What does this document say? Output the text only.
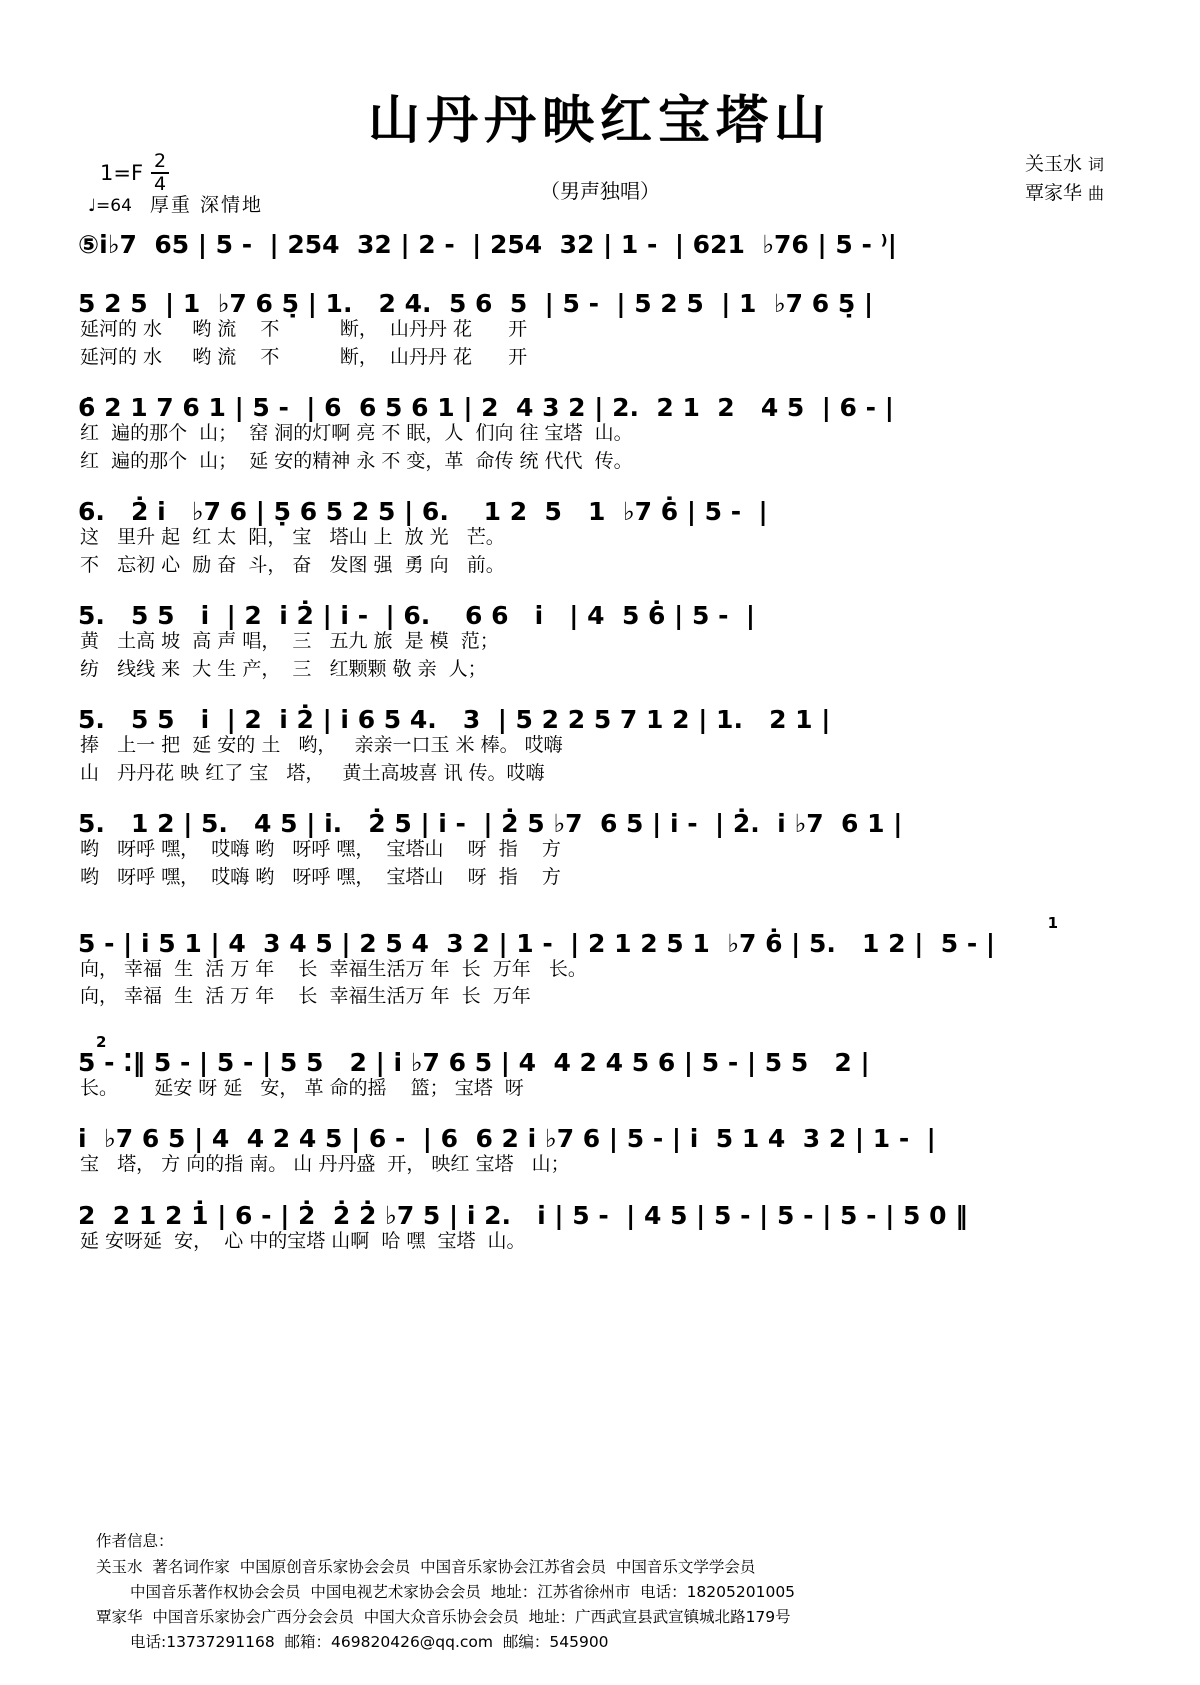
山丹丹映红宝塔山
（男声独唱）
$1=F \frac{2}{4}$
♩=64 厚重 深情地
关玉水 词
覃家华 曲
⑤i♭7  65 | 5 -  | 254  32 | 2 -  | 254  32 | 1 -  | 621  ♭76 | 5 - ⁾|
5 2 5  | 1  ♭7 6 5̣ | 1.   2 4.  5 6  5  | 5 -  | 5 2 5  | 1  ♭7 6 5̣ |
延河的 水     哟 流    不          断，  山丹丹 花      开
延河的 水     哟 流    不          断，  山丹丹 花      开
6̇ 2 1 7 6 1 | 5 -  | 6  6 5 6 1 | 2  4 3 2 | 2.  2 1  2   4 5  | 6 - |
红  遍的那个  山；  窑 洞的灯啊 亮 不 眠，人  们向 往 宝塔  山。
红  遍的那个  山；  延 安的精神 永 不 变，革  命传 统 代代  传。
6.   2̇ i   ♭7 6 | 5̣ 6 5 2 5 | 6.    1 2  5   1  ♭7 6̇ | 5 -  |
这   里升 起  红 太  阳， 宝   塔山 上  放 光   芒。
不   忘初 心  励 奋  斗， 奋   发图 强  勇 向   前。
5.   5 5   i  | 2  i 2̇ | i -  | 6.    6 6   i   | 4  5 6̇ | 5 -  |
黄   土高 坡  高 声 唱，  三   五九 旅  是 模  范；
纺   线线 来  大 生 产，  三   红颗颗 敬 亲  人；
5.   5 5   i  | 2  i 2̇ | i 6 5 4.   3  | 5 2 2 5 7 1 2 | 1.   2 1 |
捧   上一 把  延 安的 土   哟，   亲亲一口玉 米 棒。 哎嗨
山   丹丹花 映 红了 宝   塔，   黄土高坡喜 讯 传。哎嗨
5.   1 2 | 5.   4 5 | i.   2̇ 5 | i -  | 2̇ 5 ♭7  6 5 | i -  | 2̇.  i̇ ♭7  6 1 |
哟   呀呼 嘿，  哎嗨 哟   呀呼 嘿，  宝塔山    呀  指    方
哟   呀呼 嘿，  哎嗨 哟   呀呼 嘿，  宝塔山    呀  指    方
1
5 - | i 5 1 | 4  3 4 5 | 2 5 4  3 2 | 1 -  | 2 1 2 5 1  ♭7 6̇ | 5.   1 2 |  5 - |
向， 幸福  生  活 万 年    长  幸福生活万 年  长  万年   长。
向， 幸福  生  活 万 年    长  幸福生活万 年  长  万年
2
5 - ⁚‖ 5 - | 5 - | 5 5   2 | i ♭7 6 5 | 4  4 2 4 5 6 | 5 - | 5 5   2 |
长。      延安 呀 延   安， 革 命的摇    篮； 宝塔  呀
i  ♭7 6 5 | 4  4 2 4 5 | 6 -  | 6  6 2 i ♭7 6 | 5 - | i  5 1 4  3 2 | 1 -  |
宝   塔， 方 向的指 南。 山 丹丹盛  开， 映红 宝塔   山；
2  2 1 2 1̇ | 6 - | 2̇  2̇ 2̇ ♭7 5 | i 2.   i̇ | 5 -  | 4 5 | 5 - | 5 - | 5 - | 5 0 ‖
延 安呀延  安，  心 中的宝塔 山啊  哈 嘿  宝塔  山。
作者信息：
关玉水  著名词作家  中国原创音乐家协会会员  中国音乐家协会江苏省会员  中国音乐文学学会员
中国音乐著作权协会会员  中国电视艺术家协会会员  地址：江苏省徐州市  电话：18205201005
覃家华  中国音乐家协会广西分会会员  中国大众音乐协会会员  地址：广西武宣县武宣镇城北路179号
电话:13737291168  邮箱：469820426@qq.com  邮编：545900
